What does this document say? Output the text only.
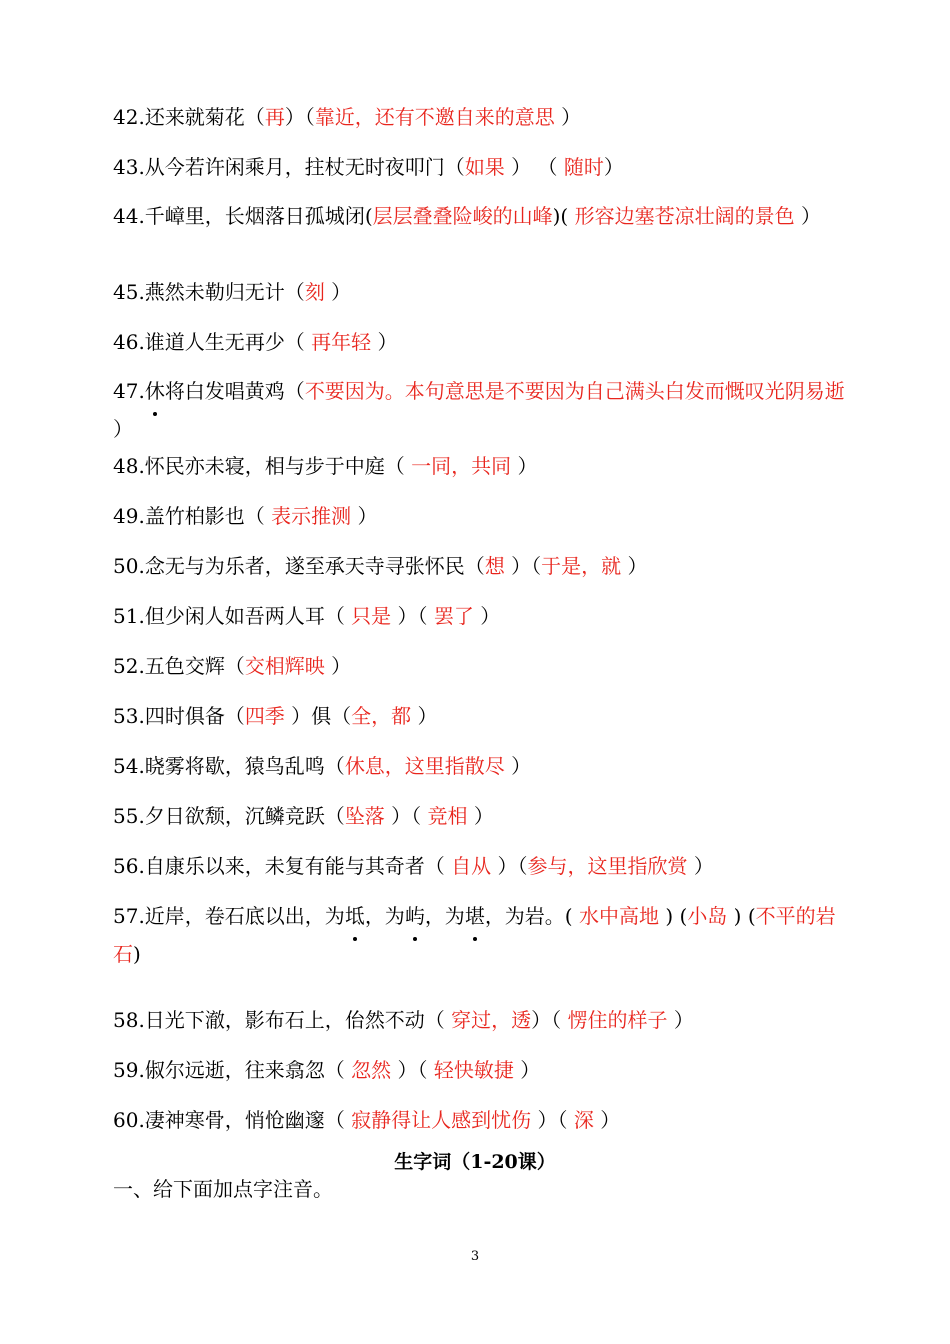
42.还来就菊花（再）（靠近，还有不邀自来的意思 ）
43.从今若许闲乘月，拄杖无时夜叩门（如果 ） （ 随时）
44.千嶂里，长烟落日孤城闭(层层叠叠险峻的山峰)( 形容边塞苍凉壮阔的景色 ）
45.燕然未勒归无计（刻 ）
46.谁道人生无再少（ 再年轻 ）
47.休将白发唱黄鸡（不要因为。本句意思是不要因为自己满头白发而慨叹光阴易逝 ）
48.怀民亦未寝，相与步于中庭（ 一同，共同 ）
49.盖竹柏影也（ 表示推测 ）
50.念无与为乐者，遂至承天寺寻张怀民（想 ）（于是，就 ）
51.但少闲人如吾两人耳（ 只是 ）（ 罢了 ）
52.五色交辉（交相辉映 ）
53.四时俱备（四季 ）俱（全，都 ）
54.晓雾将歇，猿鸟乱鸣（休息，这里指散尽 ）
55.夕日欲颓，沉鳞竞跃（坠落 ）（ 竞相 ）
56.自康乐以来，未复有能与其奇者（ 自从 ）（参与，这里指欣赏 ）
57.近岸，卷石底以出，为坻，为屿，为堪，为岩。( 水中高地 ) (小岛 ) (不平的岩石)
58.日光下澈，影布石上，佁然不动（ 穿过，透）（ 愣住的样子 ）
59.俶尔远逝，往来翕忽（ 忽然 ）（ 轻快敏捷 ）
60.凄神寒骨，悄怆幽邃（ 寂静得让人感到忧伤 ）（ 深 ）
生字词（1-20课）
一、给下面加点字注音。
3
